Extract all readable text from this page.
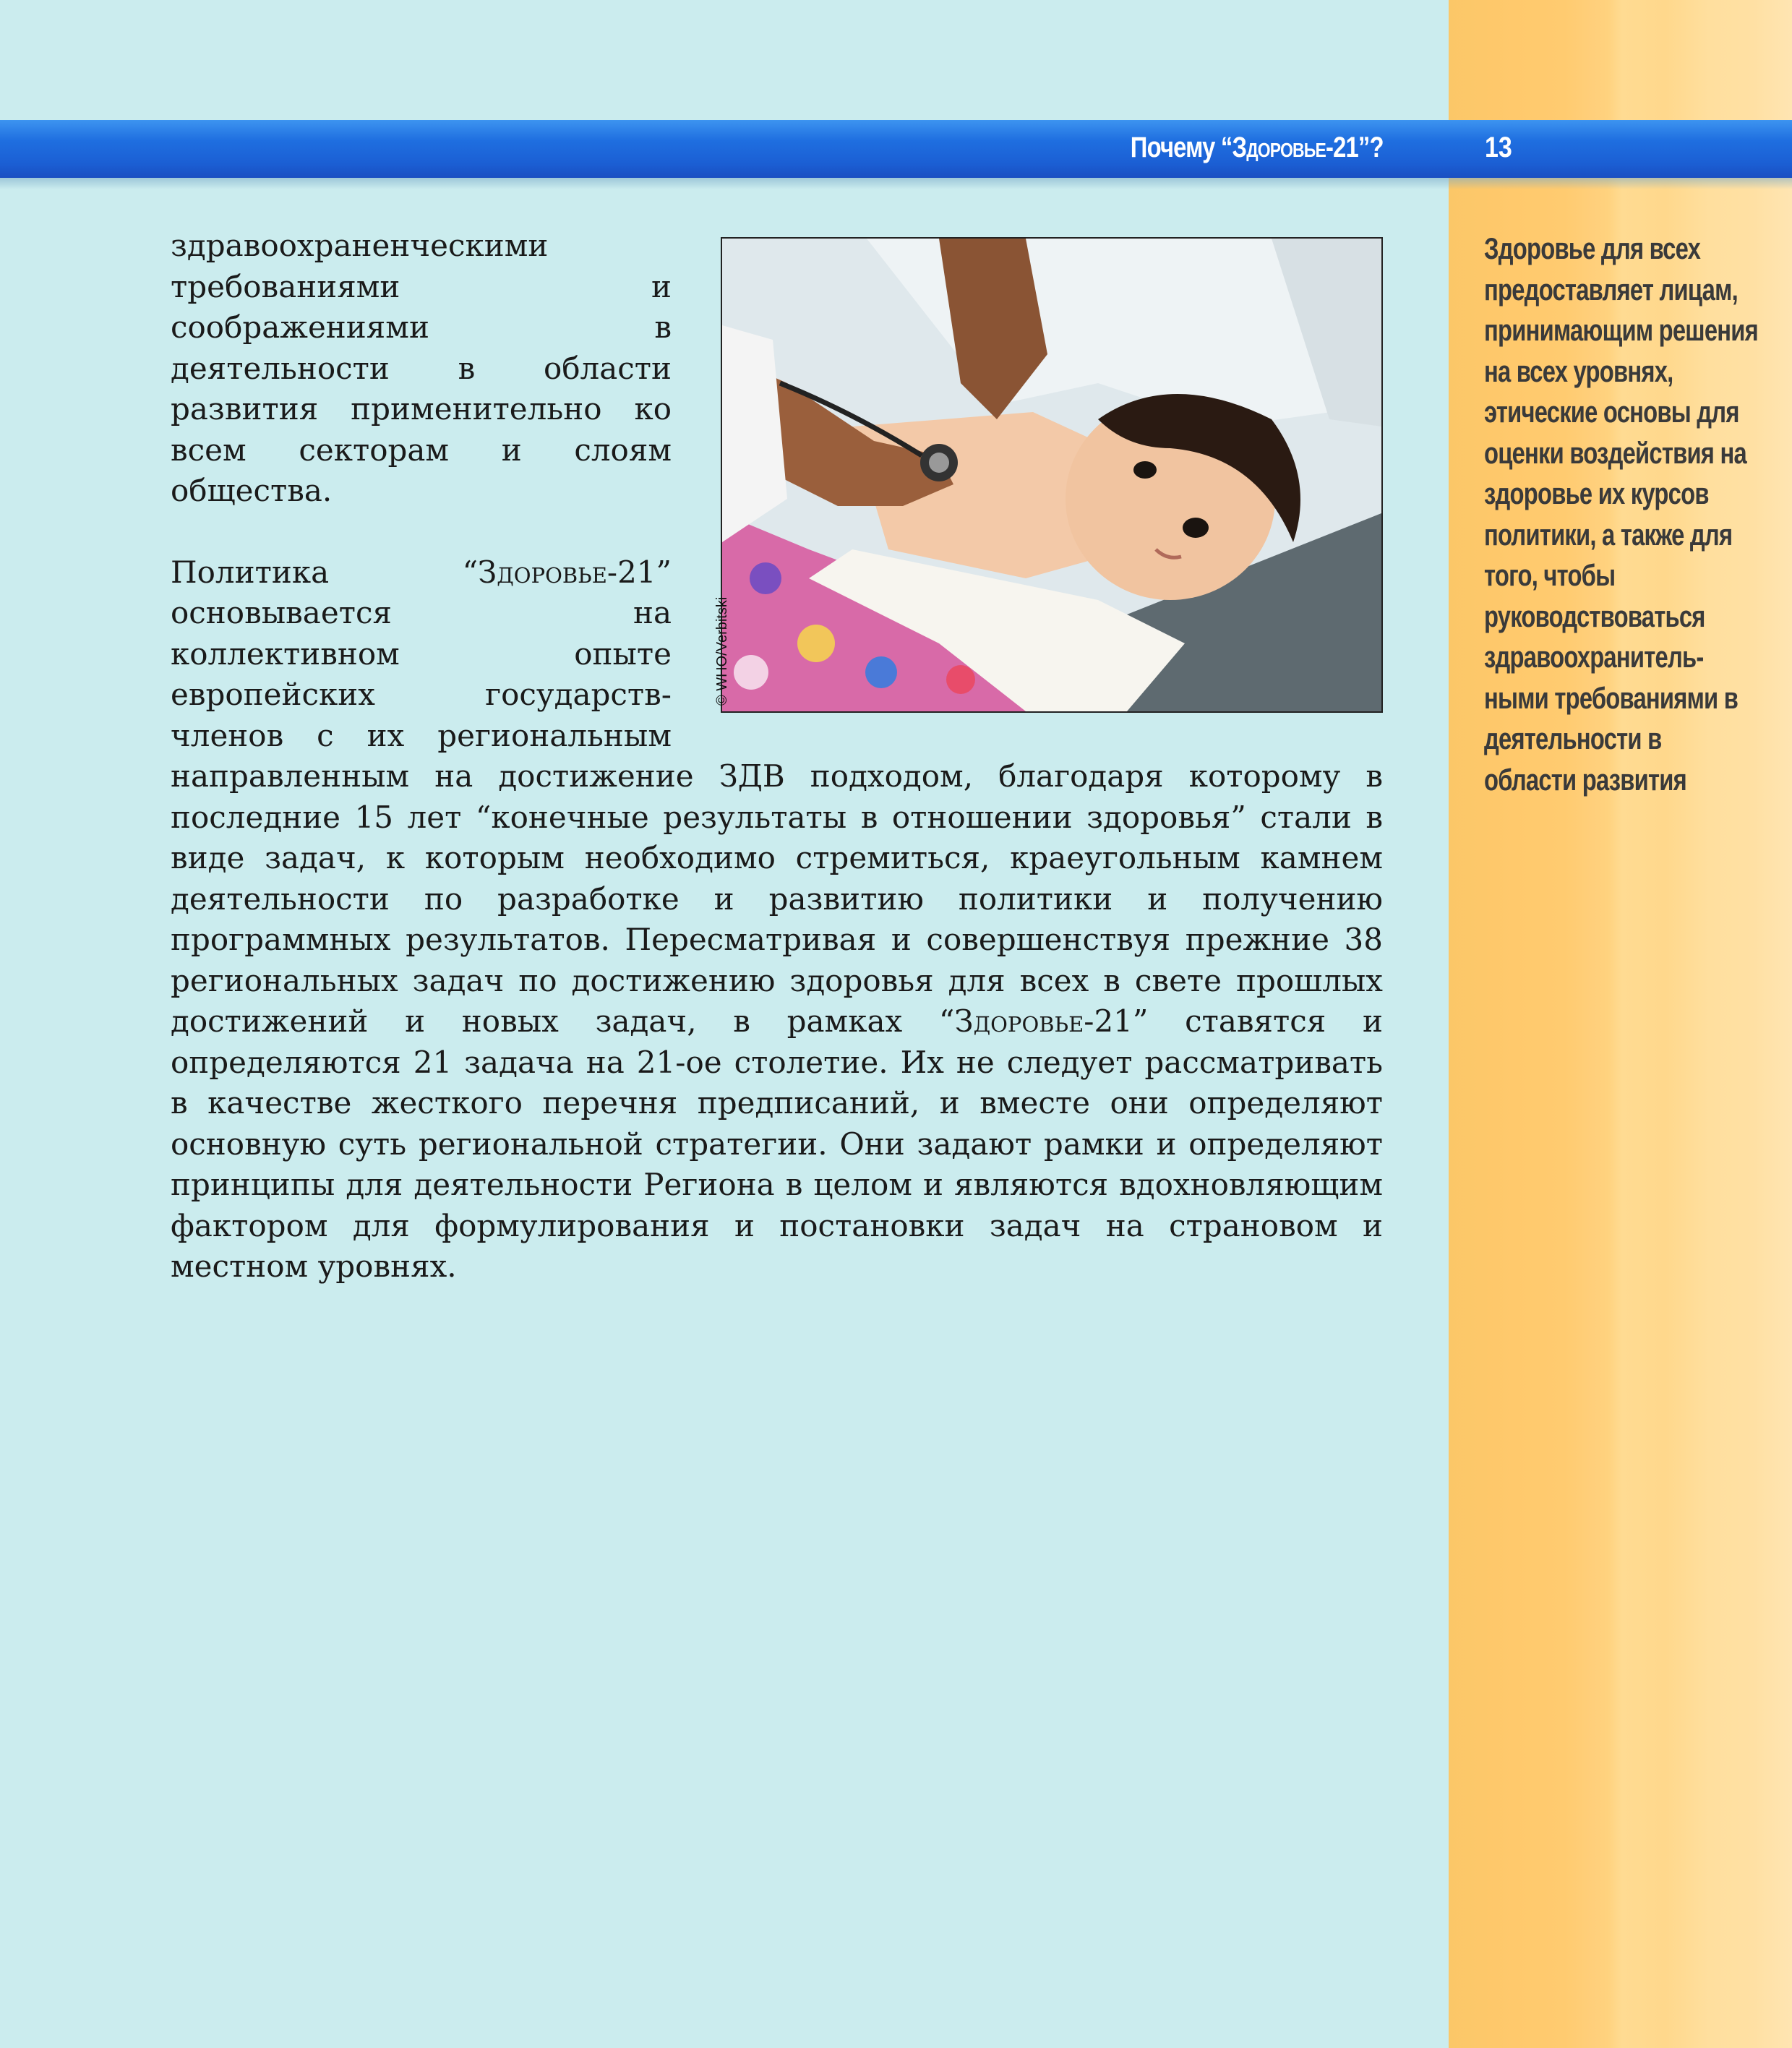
Почему “Здоровье-21”?	13
© WHO/Verbitski

здравоохраненческими требованиями и соображениями в деятельности в области развития применительно ко всем секторам и слоям общества.

Политика “Здоровье-21” основывается на коллективном опыте европейских государств-членов с их региональным направленным на достижение ЗДВ подходом, благодаря которому в последние 15 лет “конечные результаты в отношении здоровья” стали в виде задач, к которым необходимо стремиться, краеугольным камнем деятельности по разработке и развитию политики и получению программных результатов. Пересматривая и совершенствуя прежние 38 региональных задач по достижению здоровья для всех в свете прошлых достижений и новых задач, в рамках “Здоровье-21” ставятся и определяются 21 задача на 21-ое столетие. Их не следует рассматривать в качестве жесткого перечня предписаний, и вместе они определяют основную суть региональной стратегии. Они задают рамки и определяют принципы для деятельности Региона в целом и являются вдохновляющим фактором для формулирования и постановки задач на страновом и местном уровнях.

Здоровье для всех предоставляет лицам, принимающим решения на всех уровнях, этические основы для оценки воздействия на здоровье их курсов политики, а также для того, чтобы руководствоваться здравоохранитель- ными требованиями в деятельности в области развития
